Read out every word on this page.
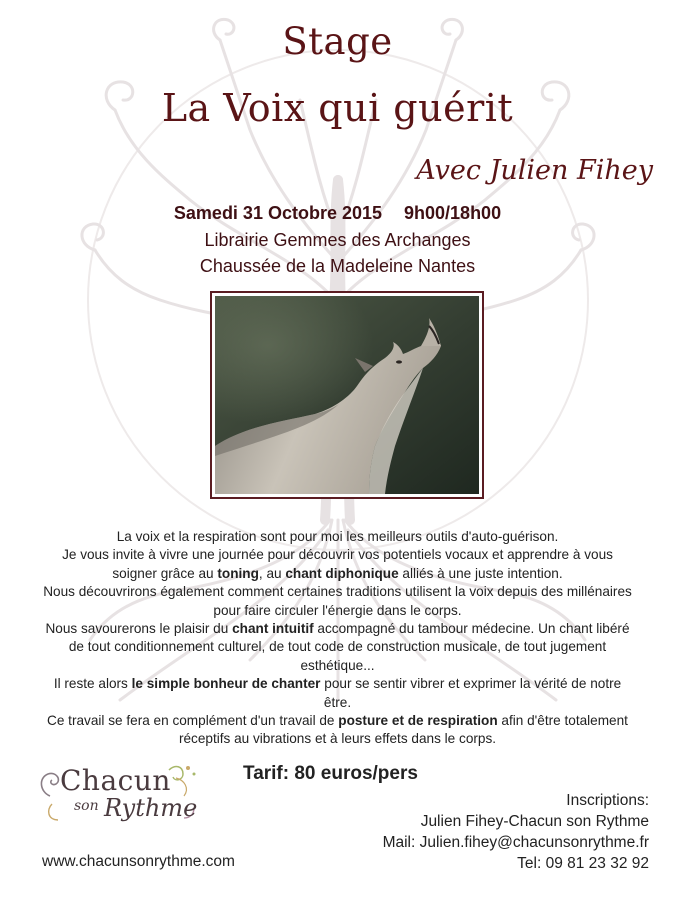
Stage
La Voix qui guérit
Avec Julien Fihey
Samedi 31 Octobre 2015 9h00/18h00
Librairie Gemmes des Archanges
Chaussée de la Madeleine Nantes

La voix et la respiration sont pour moi les meilleurs outils d'auto-guérison.

Je vous invite à vivre une journée pour découvrir vos potentiels vocaux et apprendre à vous soigner grâce au toning, au chant diphonique alliés à une juste intention.

Nous découvrirons également comment certaines traditions utilisent la voix depuis des millénaires pour faire circuler l'énergie dans le corps.

Nous savourerons le plaisir du chant intuitif accompagné du tambour médecine. Un chant libéré de tout conditionnement culturel, de tout code de construction musicale, de tout jugement esthétique...

Il reste alors le simple bonheur de chanter pour se sentir vibrer et exprimer la vérité de notre être.

Ce travail se fera en complément d'un travail de posture et de respiration afin d'être totalement réceptifs au vibrations et à leurs effets dans le corps.

Chacun
son Rythme
www.chacunsonrythme.com
Tarif: 80 euros/pers
Inscriptions:
Julien Fihey-Chacun son Rythme
Mail: Julien.fihey@chacunsonrythme.fr
Tel: 09 81 23 32 92
